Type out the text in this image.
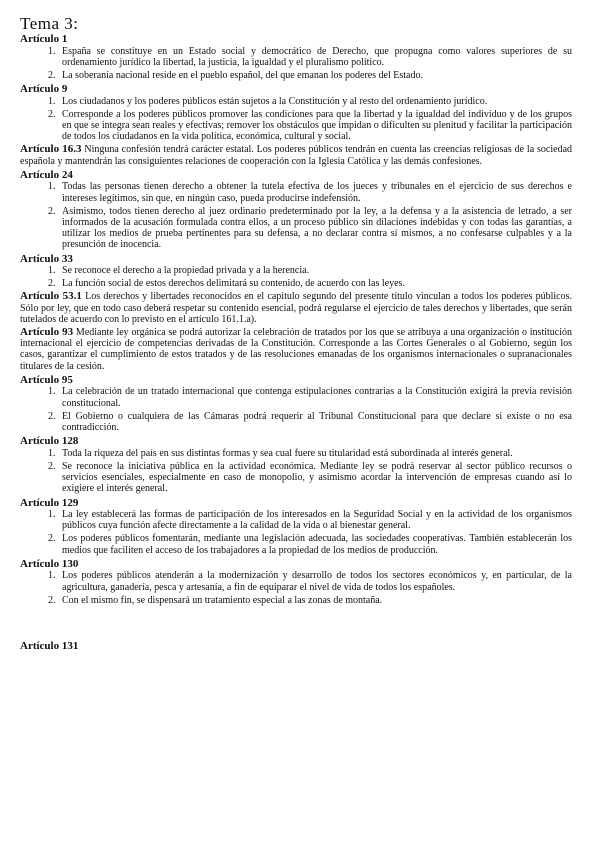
Tema 3:

Artículo 1

1. España se constituye en un Estado social y democrático de Derecho, que propugna como valores superiores de su ordenamiento jurídico la libertad, la justicia, la igualdad y el pluralismo político.
2. La soberanía nacional reside en el pueblo español, del que emanan los poderes del Estado.

Artículo 9

1. Los ciudadanos y los poderes públicos están sujetos a la Constitución y al resto del ordenamiento jurídico.
2. Corresponde a los poderes públicos promover las condiciones para que la libertad y la igualdad del individuo y de los grupos en que se integra sean reales y efectivas; remover los obstáculos que impidan o dificulten su plenitud y facilitar la participación de todos los ciudadanos en la vida política, económica, cultural y social.

Artículo 16.3 Ninguna confesión tendrá carácter estatal. Los poderes públicos tendrán en cuenta las creencias religiosas de la sociedad española y mantendrán las consiguientes relaciones de cooperación con la Iglesia Católica y las demás confesiones.

Artículo 24

1. Todas las personas tienen derecho a obtener la tutela efectiva de los jueces y tribunales en el ejercicio de sus derechos e intereses legítimos, sin que, en ningún caso, pueda producirse indefensión.
2. Asimismo, todos tienen derecho al juez ordinario predeterminado por la ley, a la defensa y a la asistencia de letrado, a ser informados de la acusación formulada contra ellos, a un proceso público sin dilaciones indebidas y con todas las garantías, a utilizar los medios de prueba pertinentes para su defensa, a no declarar contra sí mismos, a no confesarse culpables y a la presunción de inocencia.

Artículo 33

1. Se reconoce el derecho a la propiedad privada y a la herencia.
2. La función social de estos derechos delimitará su contenido, de acuerdo con las leyes.

Artículo 53.1 Los derechos y libertades reconocidos en el capítulo segundo del presente título vinculan a todos los poderes públicos. Sólo por ley, que en todo caso deberá respetar su contenido esencial, podrá regularse el ejercicio de tales derechos y libertades, que serán tutelados de acuerdo con lo previsto en el artículo 161.1.a).

Artículo 93 Mediante ley orgánica se podrá autorizar la celebración de tratados por los que se atribuya a una organización o institución internacional el ejercicio de competencias derivadas de la Constitución. Corresponde a las Cortes Generales o al Gobierno, según los casos, garantizar el cumplimiento de estos tratados y de las resoluciones emanadas de los organismos internacionales o supranacionales titulares de la cesión.

Artículo 95

1. La celebración de un tratado internacional que contenga estipulaciones contrarias a la Constitución exigirá la previa revisión constitucional.
2. El Gobierno o cualquiera de las Cámaras podrá requerir al Tribunal Constitucional para que declare si existe o no esa contradicción.

Artículo 128

1. Toda la riqueza del país en sus distintas formas y sea cual fuere su titularidad está subordinada al interés general.
2. Se reconoce la iniciativa pública en la actividad económica. Mediante ley se podrá reservar al sector público recursos o servicios esenciales, especialmente en caso de monopolio, y asimismo acordar la intervención de empresas cuando así lo exigiere el interés general.

Artículo 129

1. La ley establecerá las formas de participación de los interesados en la Seguridad Social y en la actividad de los organismos públicos cuya función afecte directamente a la calidad de la vida o al bienestar general.
2. Los poderes públicos fomentarán, mediante una legislación adecuada, las sociedades cooperativas. También establecerán los medios que faciliten el acceso de los trabajadores a la propiedad de los medios de producción.

Artículo 130

1. Los poderes públicos atenderán a la modernización y desarrollo de todos los sectores económicos y, en particular, de la agricultura, ganadería, pesca y artesanía, a fin de equiparar el nivel de vida de todos los españoles.
2. Con el mismo fin, se dispensará un tratamiento especial a las zonas de montaña.

Artículo 131
